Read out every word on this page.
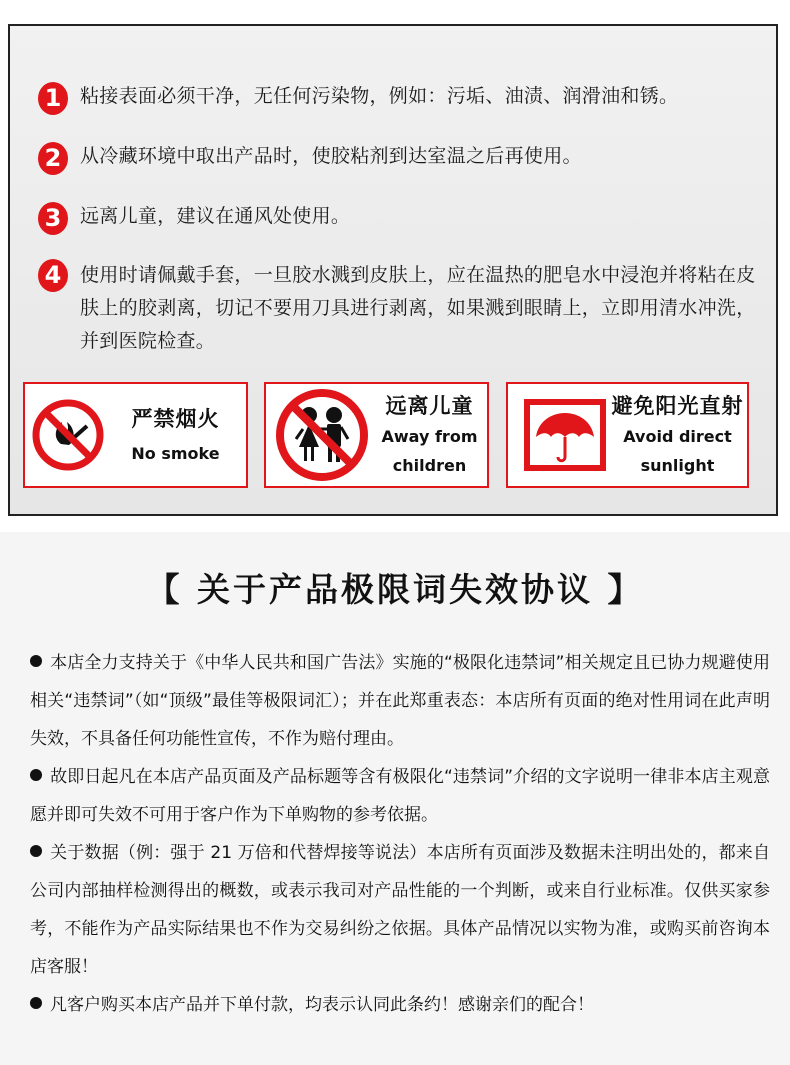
1 粘接表面必须干净，无任何污染物，例如：污垢、油渍、润滑油和锈。
2 从冷藏环境中取出产品时，使胶粘剂到达室温之后再使用。
3 远离儿童，建议在通风处使用。
4 使用时请佩戴手套，一旦胶水溅到皮肤上，应在温热的肥皂水中浸泡并将粘在皮肤上的胶剥离，切记不要用刀具进行剥离，如果溅到眼睛上，立即用清水冲洗，并到医院检查。
严禁烟火
No smoke
远离儿童
Away from
children
避免阳光直射
Avoid direct
sunlight
【 关于产品极限词失效协议 】

本店全力支持关于《中华人民共和国广告法》实施的“极限化违禁词”相关规定且已协力规避使用相关“违禁词”（如“顶级”最佳等极限词汇）；并在此郑重表态：本店所有页面的绝对性用词在此声明失效，不具备任何功能性宣传，不作为赔付理由。

故即日起凡在本店产品页面及产品标题等含有极限化“违禁词”介绍的文字说明一律非本店主观意愿并即可失效不可用于客户作为下单购物的参考依据。

关于数据（例：强于 21 万倍和代替焊接等说法）本店所有页面涉及数据未注明出处的，都来自公司内部抽样检测得出的概数，或表示我司对产品性能的一个判断，或来自行业标准。仅供买家参考，不能作为产品实际结果也不作为交易纠纷之依据。具体产品情况以实物为准，或购买前咨询本店客服！

凡客户购买本店产品并下单付款，均表示认同此条约！感谢亲们的配合！
